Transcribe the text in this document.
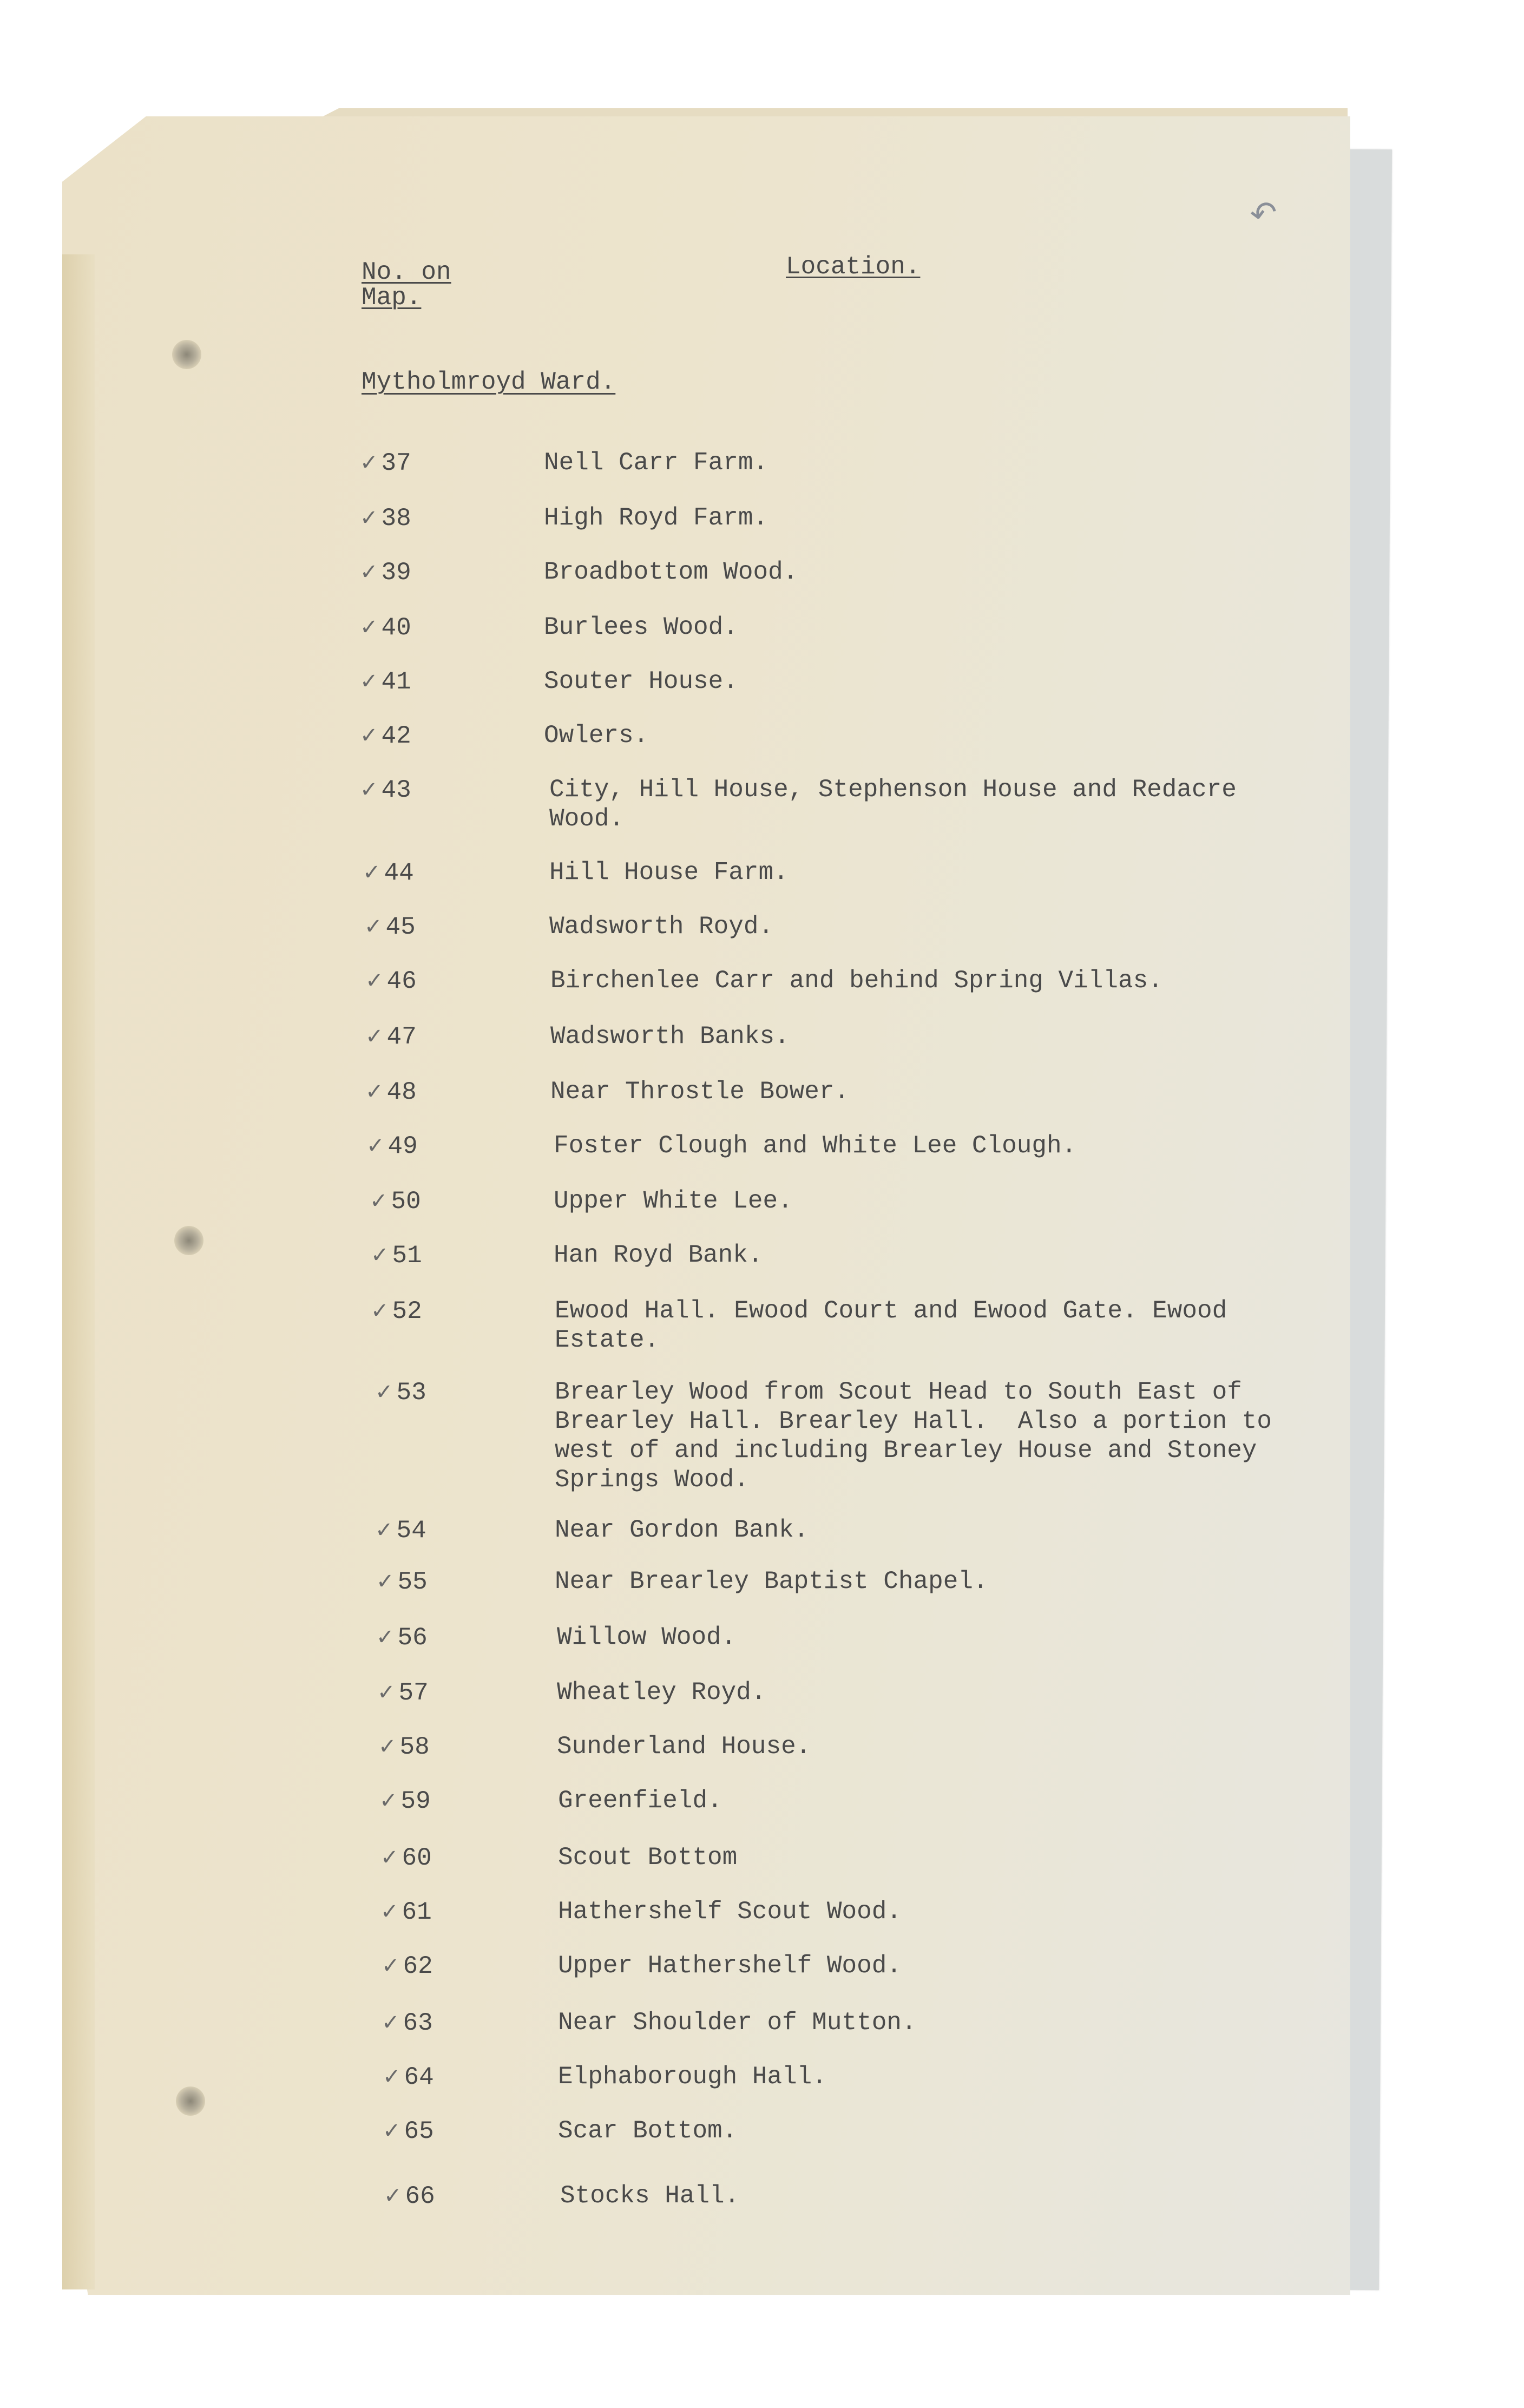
↶
No. on Map.
Location.
Mytholmroyd Ward.
✓ 37	Nell Carr Farm.
✓ 38	High Royd Farm.
✓ 39	Broadbottom Wood.
✓ 40	Burlees Wood.
✓ 41	Souter House.
✓ 42	Owlers.
✓ 43	City, Hill House, Stephenson House and Redacre Wood.
✓ 44	Hill House Farm.
✓ 45	Wadsworth Royd.
✓ 46	Birchenlee Carr and behind Spring Villas.
✓ 47	Wadsworth Banks.
✓ 48	Near Throstle Bower.
✓ 49	Foster Clough and White Lee Clough.
✓ 50	Upper White Lee.
✓ 51	Han Royd Bank.
✓ 52	Ewood Hall. Ewood Court and Ewood Gate. Ewood Estate.
✓ 53	Brearley Wood from Scout Head to South East of Brearley Hall. Brearley Hall.  Also a portion to west of and including Brearley House and Stoney Springs Wood.
✓ 54	Near Gordon Bank.
✓ 55	Near Brearley Baptist Chapel.
✓ 56	Willow Wood.
✓ 57	Wheatley Royd.
✓ 58	Sunderland House.
✓ 59	Greenfield.
✓ 60	Scout Bottom
✓ 61	Hathershelf Scout Wood.
✓ 62	Upper Hathershelf Wood.
✓ 63	Near Shoulder of Mutton.
✓ 64	Elphaborough Hall.
✓ 65	Scar Bottom.
✓ 66	Stocks Hall.
